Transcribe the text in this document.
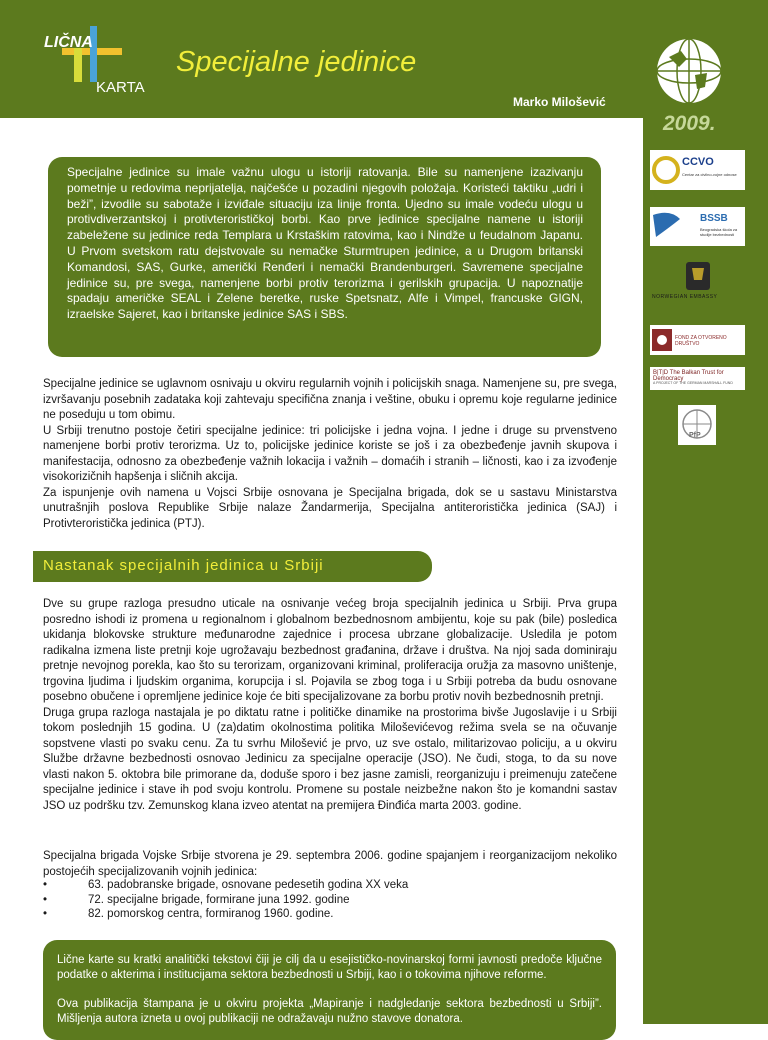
LIČNA
KARTA
Specijalne jedinice
Marko Milošević
2009.
CCVO
Centar za civilno-vojne odnose
BSSB
Beogradska škola za studije bezbednosti
NORWEGIAN EMBASSY
FOND ZA OTVORENO DRUŠTVO
B|T|D The Balkan Trust for Democracy
A PROJECT OF THE GERMAN MARSHALL FUND
PfP

Specijalne jedinice su imale važnu ulogu u istoriji ratovanja. Bile su namenjene izazivanju pometnje u redovima neprijatelja, najčešće u pozadini njegovih položaja. Koristeći taktiku „udri i beži”, izvodile su sabotaže i izviđale situaciju iza linije fronta. Ujedno su imale vodeću ulogu u protivdiverzantskoj i protivterorističkoj borbi. Kao prve jedinice specijalne namene u istoriji zabeležene su jedinice reda Templara u Krstaškim ratovima, kao i Nindže u feudalnom Japanu. U Prvom svetskom ratu dejstvovale su nemačke Sturmtrupen jedinice, a u Drugom britanski Komandosi, SAS, Gurke, američki Renđeri i nemački Brandenburgeri. Savremene specijalne jedinice su, pre svega, namenjene borbi protiv terorizma i gerilskih grupacija. U napoznatije spadaju američke SEAL i Zelene beretke, ruske Spetsnatz, Alfe i Vimpel, francuske GIGN, izraelske Sajeret, kao i britanske jedinice SAS i SBS.

Specijalne jedinice se uglavnom osnivaju u okviru regularnih vojnih i policijskih snaga. Namenjene su, pre svega, izvršavanju posebnih zadataka koji zahtevaju specifična znanja i veštine, obuku i opremu koje regularne jedinice ne poseduju u tom obimu.

U Srbiji trenutno postoje četiri specijalne jedinice: tri policijske i jedna vojna. I jedne i druge su prvenstveno namenjene borbi protiv terorizma. Uz to, policijske jedinice koriste se još i za obezbeđenje javnih skupova i manifestacija, odnosno za obezbeđenje važnih lokacija i važnih – domaćih i stranih – ličnosti, kao i za izvođenje visokorizičnih hapšenja i sličnih akcija.

Za ispunjenje ovih namena u Vojsci Srbije osnovana je Specijalna brigada, dok se u sastavu Ministarstva unutrašnjih poslova Republike Srbije nalaze Žandarmerija, Specijalna antiteroristička jedinica (SAJ) i Protivteroristička jedinica (PTJ).

Nastanak specijalnih jedinica u Srbiji

Dve su grupe razloga presudno uticale na osnivanje većeg broja specijalnih jedinica u Srbiji. Prva grupa posredno ishodi iz promena u regionalnom i globalnom bezbednosnom ambijentu, koje su pak (bile) posledica ukidanja blokovske strukture međunarodne zajednice i procesa ubrzane globalizacije. Usledila je potom radikalna izmena liste pretnji koje ugrožavaju bezbednost građanina, države i društva. Na njoj sada dominiraju pretnje nevojnog porekla, kao što su terorizam, organizovani kriminal, proliferacija oružja za masovno uništenje, trgovina ljudima i ljudskim organima, korupcija i sl. Pojavila se zbog toga i u Srbiji potreba da budu osnovane posebno obučene i opremljene jedinice koje će biti specijalizovane za borbu protiv novih bezbednosnih pretnji.

Druga grupa razloga nastajala je po diktatu ratne i političke dinamike na prostorima bivše Jugoslavije i u Srbiji tokom poslednjih 15 godina. U (za)datim okolnostima politika Miloševićevog režima svela se na očuvanje sopstvene vlasti po svaku cenu. Za tu svrhu Milošević je prvo, uz sve ostalo, militarizovao policiju, a u okviru Službe državne bezbednosti osnovao Jedinicu za specijalne operacije (JSO). Ne čudi, stoga, to da su nove vlasti nakon 5. oktobra bile primorane da, doduše sporo i bez jasne zamisli, reorganizuju i preimenuju zatečene specijalne jedinice i stave ih pod svoju kontrolu. Promene su postale neizbežne nakon što je komandni sastav JSO uz podršku tzv. Zemunskog klana izveo atentat na premijera Đinđića marta 2003. godine.

Specijalna brigada Vojske Srbije stvorena je 29. septembra 2006. godine spajanjem i reorganizacijom nekoliko postojećih specijalizovanih vojnih jedinica:

•	63. padobranske brigade, osnovane pedesetih godina XX veka
•	72. specijalne brigade, formirane juna 1992. godine
•	82. pomorskog centra, formiranog 1960. godine.

Lične karte su kratki analitički tekstovi čiji je cilj da u esejističko-novinarskoj formi javnosti predoče ključne podatke o akterima i institucijama sektora bezbednosti u Srbiji, kao i o tokovima njihove reforme.

Ova publikacija štampana je u okviru projekta „Mapiranje i nadgledanje sektora bezbednosti u Srbiji”. Mišljenja autora izneta u ovoj publikaciji ne odražavaju nužno stavove donatora.
